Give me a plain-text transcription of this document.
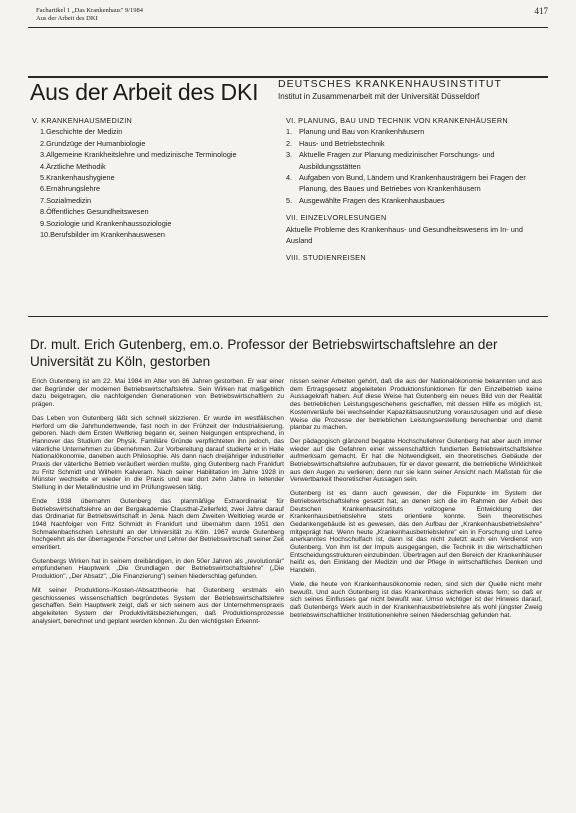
Fachartikel 1 „Das Krankenhaus" 9/1984
Aus der Arbeit des DKI
417
Aus der Arbeit des DKI DEUTSCHES KRANKENHAUSINSTITUT
Institut in Zusammenarbeit mit der Universität Düsseldorf
V. KRANKENHAUSMEDIZIN
1.Geschichte der Medizin
2.Grundzüge der Humanbiologie
3.Allgemeine Krankheitslehre und medizinische Terminologie
4.Ärztliche Methodik
5.Krankenhaushygiene
6.Ernährungslehre
7.Sozialmedizin
8.Öffentliches Gesundheitswesen
9.Soziologie und Krankenhaussoziologie
10.Berufsbilder im Krankenhauswesen
VI. PLANUNG, BAU UND TECHNIK VON KRANKENHÄUSERN
1. Planung und Bau von Krankenhäusern
2. Haus- und Betriebstechnik
3. Aktuelle Fragen zur Planung medizinischer Forschungs- und Ausbildungsstätten
4. Aufgaben von Bund, Ländern und Krankenhausträgern bei Fragen der Planung, des Baues und Betriebes von Krankenhäusern
5. Ausgewählte Fragen des Krankenhausbaues
VII. EINZELVORLESUNGEN
Aktuelle Probleme des Krankenhaus- und Gesundheitswesens im In- und Ausland
VIII. STUDIENREISEN
Dr. mult. Erich Gutenberg, em.o. Professor der Betriebswirtschaftslehre an der Universität zu Köln, gestorben

Erich Gutenberg ist am 22. Mai 1984 im Alter von 86 Jahren gestorben. Er war einer der Begründer der modernen Betriebswirtschaftslehre. Sein Wirken hat maßgeblich dazu beigetragen, die nachfolgenden Generationen von Betriebswirtschaftlern zu prägen.

Das Leben von Gutenberg läßt sich schnell skizzieren. Er wurde im westfälischen Herford um die Jahrhundertwende, fast noch in der Frühzeit der Industrialisierung, geboren. Nach dem Ersten Weltkrieg begann er, seinen Neigungen entsprechend, in Hannover das Studium der Physik. Familiäre Gründe verpflichteten ihn jedoch, das väterliche Unternehmen zu übernehmen. Zur Vorbereitung darauf studierte er in Halle Nationalökonomie, daneben auch Philosophie. Als dann nach dreijähriger industrieller Praxis der väterliche Betrieb veräußert werden mußte, ging Gutenberg nach Frankfurt zu Fritz Schmidt und Wilhelm Kalveram. Nach seiner Habilitation im Jahre 1928 in Münster wechselte er wieder in die Praxis und war dort zehn Jahre in leitender Stellung in der Metallindustrie und im Prüfungswesen tätig.

Ende 1938 übernahm Gutenberg das planmäßige Extraordinariat für Betriebswirtschaftslehre an der Bergakademie Clausthal-Zellerfeld, zwei Jahre darauf das Ordinariat für Betriebswirtschaft in Jena. Nach dem Zweiten Weltkrieg wurde er 1948 Nachfolger von Fritz Schmidt in Frankfurt und übernahm dann 1951 den Schmalenbachschen Lehrstuhl an der Universität zu Köln. 1967 wurde Gutenberg hochgeehrt als der überragende Forscher und Lehrer der Betriebswirtschaft seiner Zeit emeritiert.

Gutenbergs Wirken hat in seinem dreibändigen, in den 50er Jahren als „revolutionär" empfundenen Hauptwerk „Die Grundlagen der Betriebswirtschaftslehre" („Die Produktion", „Der Absatz", „Die Finanzierung") seinen Niederschlag gefunden.

Mit seiner Produktions-/Kosten-/Absatztheorie hat Gutenberg erstmals ein geschlossenes wissenschaftlich begründetes System der Betriebswirtschaftslehre geschaffen. Sein Hauptwerk zeigt, daß er sich seinem aus der Unternehmenspraxis abgeleiteten System der Produktivitätsbeziehungen, daß Produktionsprozesse analysiert, berechnet und geplant werden können. Zu den wichtigsten Erkennt-

nissen seiner Arbeiten gehört, daß die aus der Nationalökonomie bekannten und aus dem Ertragsgesetz abgeleiteten Produktionsfunktionen für den Einzelbetrieb keine Aussagekraft haben. Auf diese Weise hat Gutenberg ein neues Bild von der Realität des betrieblichen Leistungsgeschehens geschaffen, mit dessen Hilfe es möglich ist, Kostenverläufe bei wechselnder Kapazitätsausnutzung vorauszusagen und auf diese Weise die Prozesse der betrieblichen Leistungserstellung berechenbar und damit planbar zu machen.

Der pädagogisch glänzend begabte Hochschullehrer Gutenberg hat aber auch immer wieder auf die Gefahren einer wissenschaftlich fundierten Betriebswirtschaftslehre aufmerksam gemacht. Er hat die Notwendigkeit, ein theoretisches Gebäude der Betriebswirtschaftslehre aufzubauen, für er davor gewarnt, die betriebliche Wirklichkeit aus den Augen zu verlieren; denn nur sie kann seiner Ansicht nach Maßstab für die Verwertbarkeit theoretischer Aussagen sein.

Gutenberg ist es dann auch gewesen, der die Fixpunkte im System der Betriebswirtschaftslehre gesetzt hat, an denen sich die im Rahmen der Arbeit des Deutschen Krankenhausinstituts vollzogene Entwicklung der Krankenhausbetriebslehre stets orientiere konnte. Sein theoretisches Gedankengebäude ist es gewesen, das den Aufbau der „Krankenhausbetriebslehre" mitgeprägt hat. Wenn heute „Krankenhausbetriebslehre" ein in Forschung und Lehre anerkanntes Hochschulfach ist, dann ist das nicht zuletzt auch ein Verdienst von Gutenberg. Von ihm ist der Impuls ausgegangen, die Technik in die wirtschaftlichen Entscheidungsstrukturen einzubinden. Übertragen auf den Bereich der Krankenhäuser heißt es, den Einklang der Medizin und der Pflege in wirtschaftliches Denken und Handeln.

Viele, die heute von Krankenhausökonomie reden, sind sich der Quelle nicht mehr bewußt. Und auch Gutenberg ist das Krankenhaus sicherlich etwas fern; so daß er sich seines Einflusses gar nicht bewußt war. Umso wichtiger ist der Hinweis darauf, daß Gutenbergs Werk auch in der Krankenhausbetriebslehre als wohl jüngster Zweig betriebswirtschaftlicher Institutionenlehre seinen Niederschlag gefunden hat.
